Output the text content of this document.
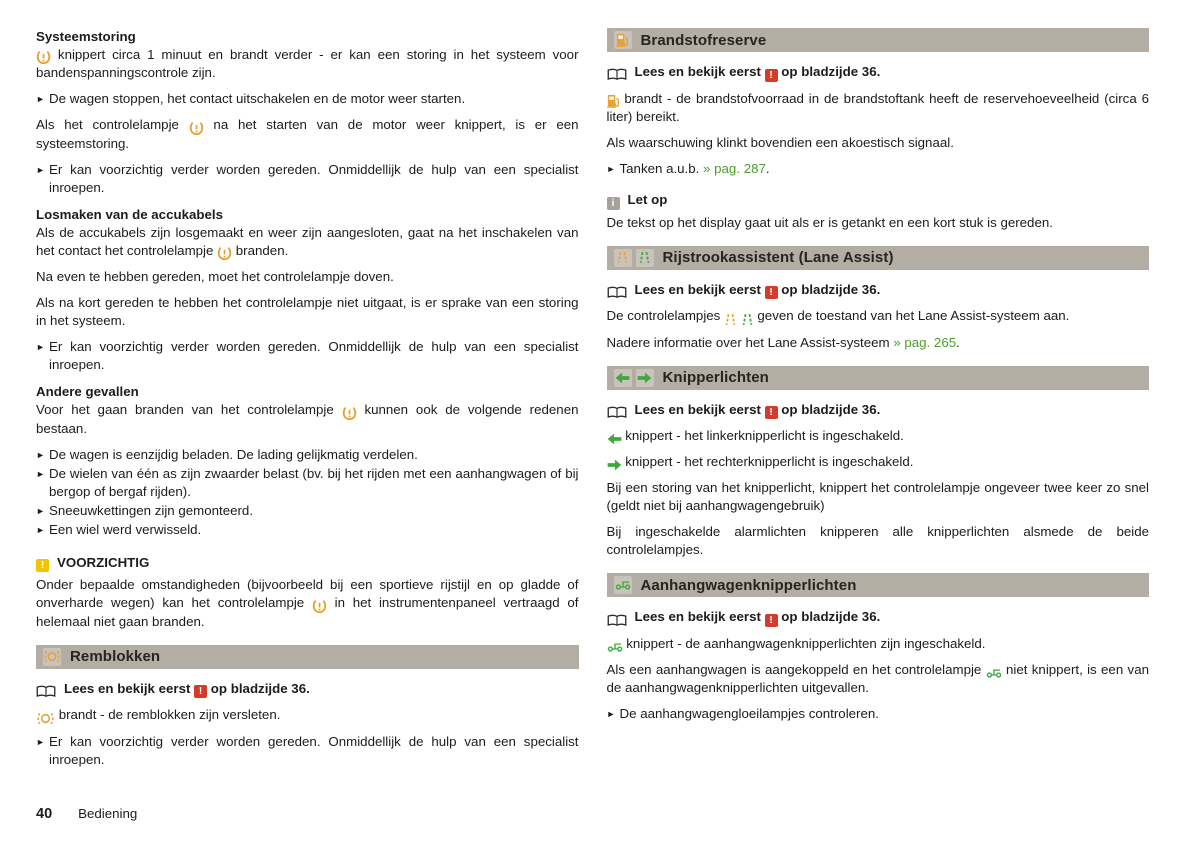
Systeemstoring

knippert circa 1 minuut en brandt verder - er kan een storing in het systeem voor bandenspanningscontrole zijn.

► De wagen stoppen, het contact uitschakelen en de motor weer starten.

Als het controlelampje  na het starten van de motor weer knippert, is er een systeemstoring.

► Er kan voorzichtig verder worden gereden. Onmiddellijk de hulp van een specialist inroepen.

Losmaken van de accukabels

Als de accukabels zijn losgemaakt en weer zijn aangesloten, gaat na het inschakelen van het contact het controlelampje  branden.

Na even te hebben gereden, moet het controlelampje doven.

Als na kort gereden te hebben het controlelampje niet uitgaat, is er sprake van een storing in het systeem.

► Er kan voorzichtig verder worden gereden. Onmiddellijk de hulp van een specialist inroepen.

Andere gevallen

Voor het gaan branden van het controlelampje  kunnen ook de volgende redenen bestaan.

► De wagen is eenzijdig beladen. De lading gelijkmatig verdelen.
► De wielen van één as zijn zwaarder belast (bv. bij het rijden met een aanhangwagen of bij bergop of bergaf rijden).
► Sneeuwkettingen zijn gemonteerd.
► Een wiel werd verwisseld.

! VOORZICHTIG

Onder bepaalde omstandigheden (bijvoorbeeld bij een sportieve rijstijl en op gladde of onverharde wegen) kan het controlelampje  in het instrumentenpaneel vertraagd of helemaal niet gaan branden.

Remblokken

Lees en bekijk eerst ! op bladzijde 36.

brandt - de remblokken zijn versleten.

► Er kan voorzichtig verder worden gereden. Onmiddellijk de hulp van een specialist inroepen.
Brandstofreserve

Lees en bekijk eerst ! op bladzijde 36.

brandt - de brandstofvoorraad in de brandstoftank heeft de reservehoeveelheid (circa 6 liter) bereikt.

Als waarschuwing klinkt bovendien een akoestisch signaal.

► Tanken a.u.b. » pag. 287.

i Let op

De tekst op het display gaat uit als er is getankt en een kort stuk is gereden.

Rijstrookassistent (Lane Assist)

Lees en bekijk eerst ! op bladzijde 36.

De controlelampjes   geven de toestand van het Lane Assist-systeem aan.

Nadere informatie over het Lane Assist-systeem » pag. 265.

Knipperlichten

Lees en bekijk eerst ! op bladzijde 36.

knippert - het linkerknipperlicht is ingeschakeld.

knippert - het rechterknipperlicht is ingeschakeld.

Bij een storing van het knipperlicht, knippert het controlelampje ongeveer twee keer zo snel (geldt niet bij aanhangwagengebruik)

Bij ingeschakelde alarmlichten knipperen alle knipperlichten alsmede de beide controlelampjes.

Aanhangwagenknipperlichten

Lees en bekijk eerst ! op bladzijde 36.

knippert - de aanhangwagenknipperlichten zijn ingeschakeld.

Als een aanhangwagen is aangekoppeld en het controlelampje  niet knippert, is een van de aanhangwagenknipperlichten uitgevallen.

► De aanhangwagengloeilampjes controleren.
40 Bediening
